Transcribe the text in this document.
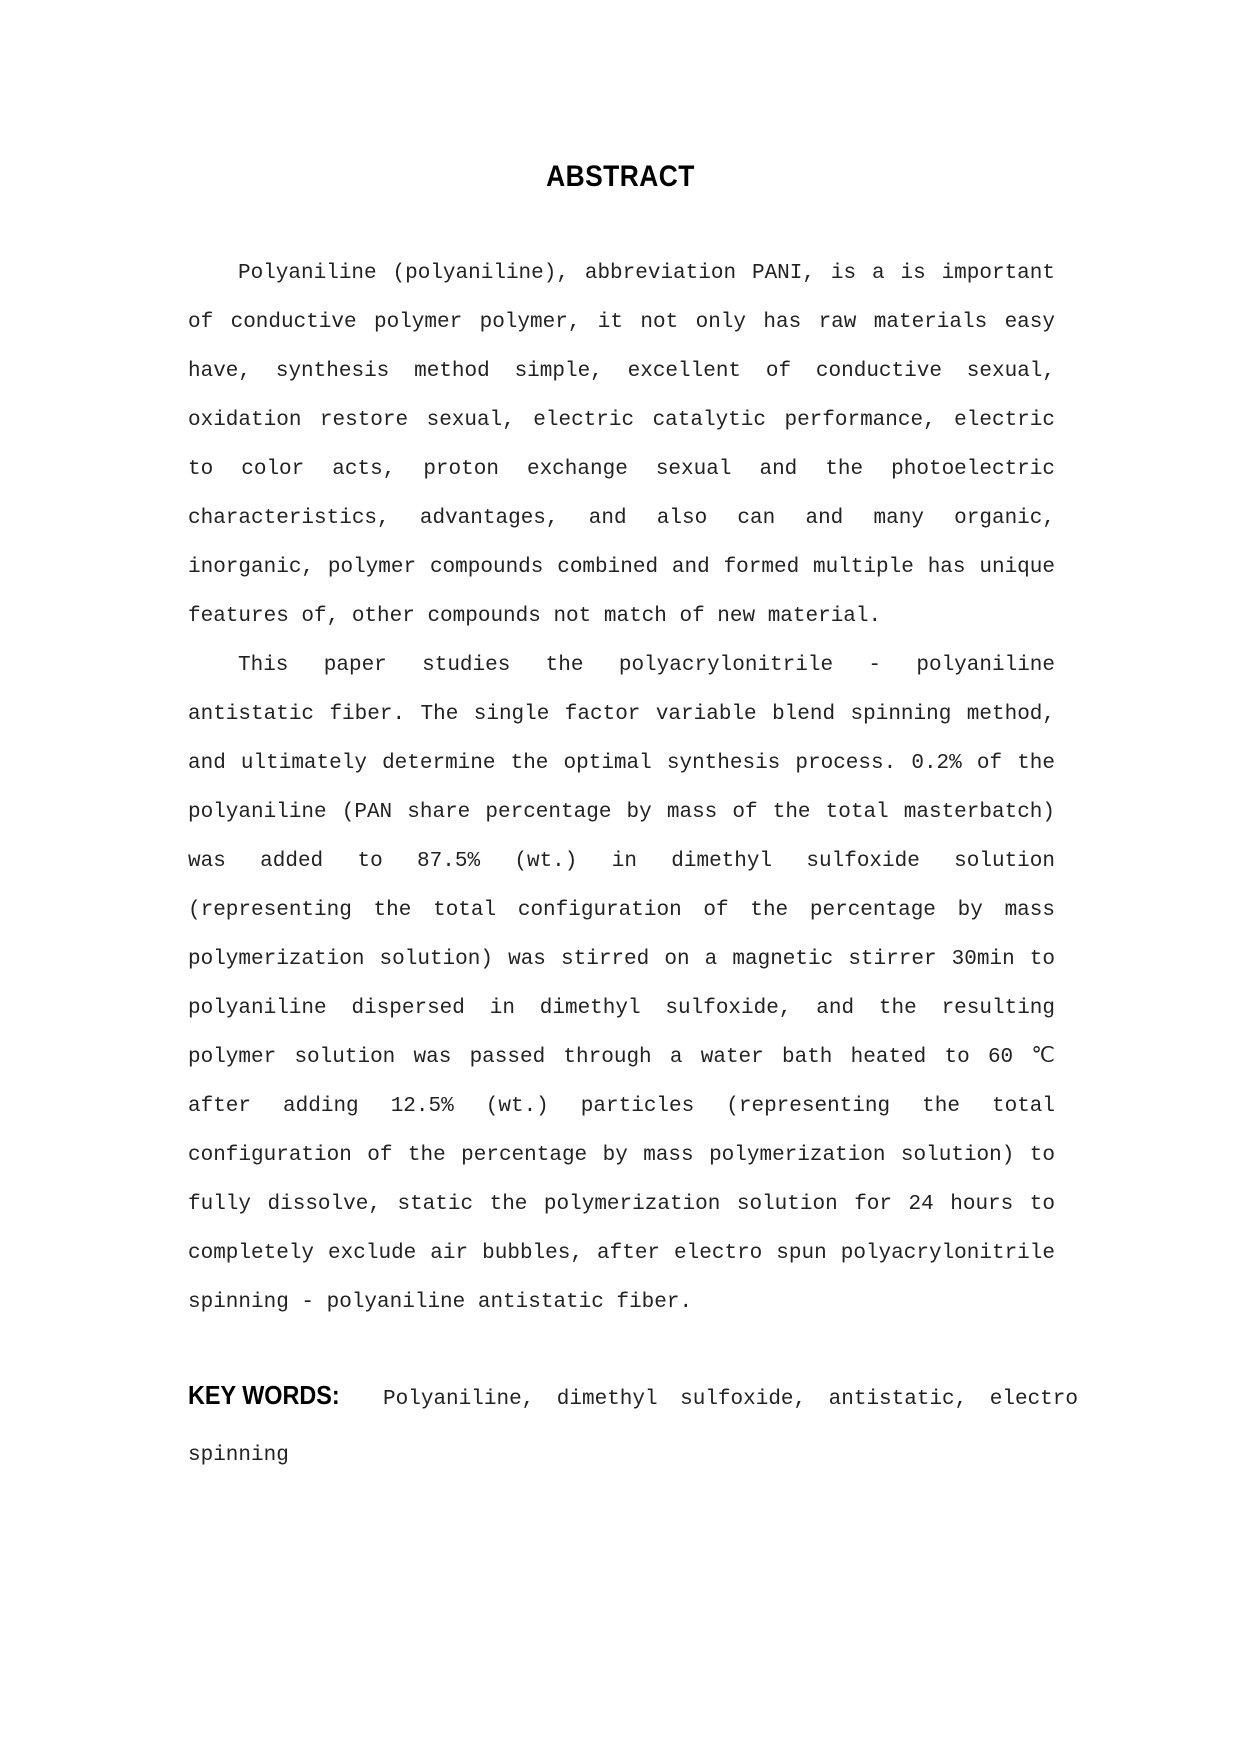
ABSTRACT

Polyaniline (polyaniline), abbreviation PANI, is a is important of conductive polymer polymer, it not only has raw materials easy have, synthesis method simple, excellent of conductive sexual, oxidation restore sexual, electric catalytic performance, electric to color acts, proton exchange sexual and the photoelectric characteristics, advantages, and also can and many organic, inorganic, polymer compounds combined and formed multiple has unique features of, other compounds not match of new material.

This paper studies the polyacrylonitrile - polyaniline antistatic fiber. The single factor variable blend spinning method, and ultimately determine the optimal synthesis process. 0.2% of the polyaniline (PAN share percentage by mass of the total masterbatch) was added to 87.5% (wt.) in dimethyl sulfoxide solution (representing the total configuration of the percentage by mass polymerization solution) was stirred on a magnetic stirrer 30min to polyaniline dispersed in dimethyl sulfoxide, and the resulting polymer solution was passed through a water bath heated to 60 ℃ after adding 12.5% (wt.) particles (representing the total configuration of the percentage by mass polymerization solution) to fully dissolve, static the polymerization solution for 24 hours to completely exclude air bubbles, after electro spun polyacrylonitrile spinning - polyaniline antistatic fiber.

KEY WORDS: Polyaniline, dimethyl sulfoxide, antistatic, electro spinning
